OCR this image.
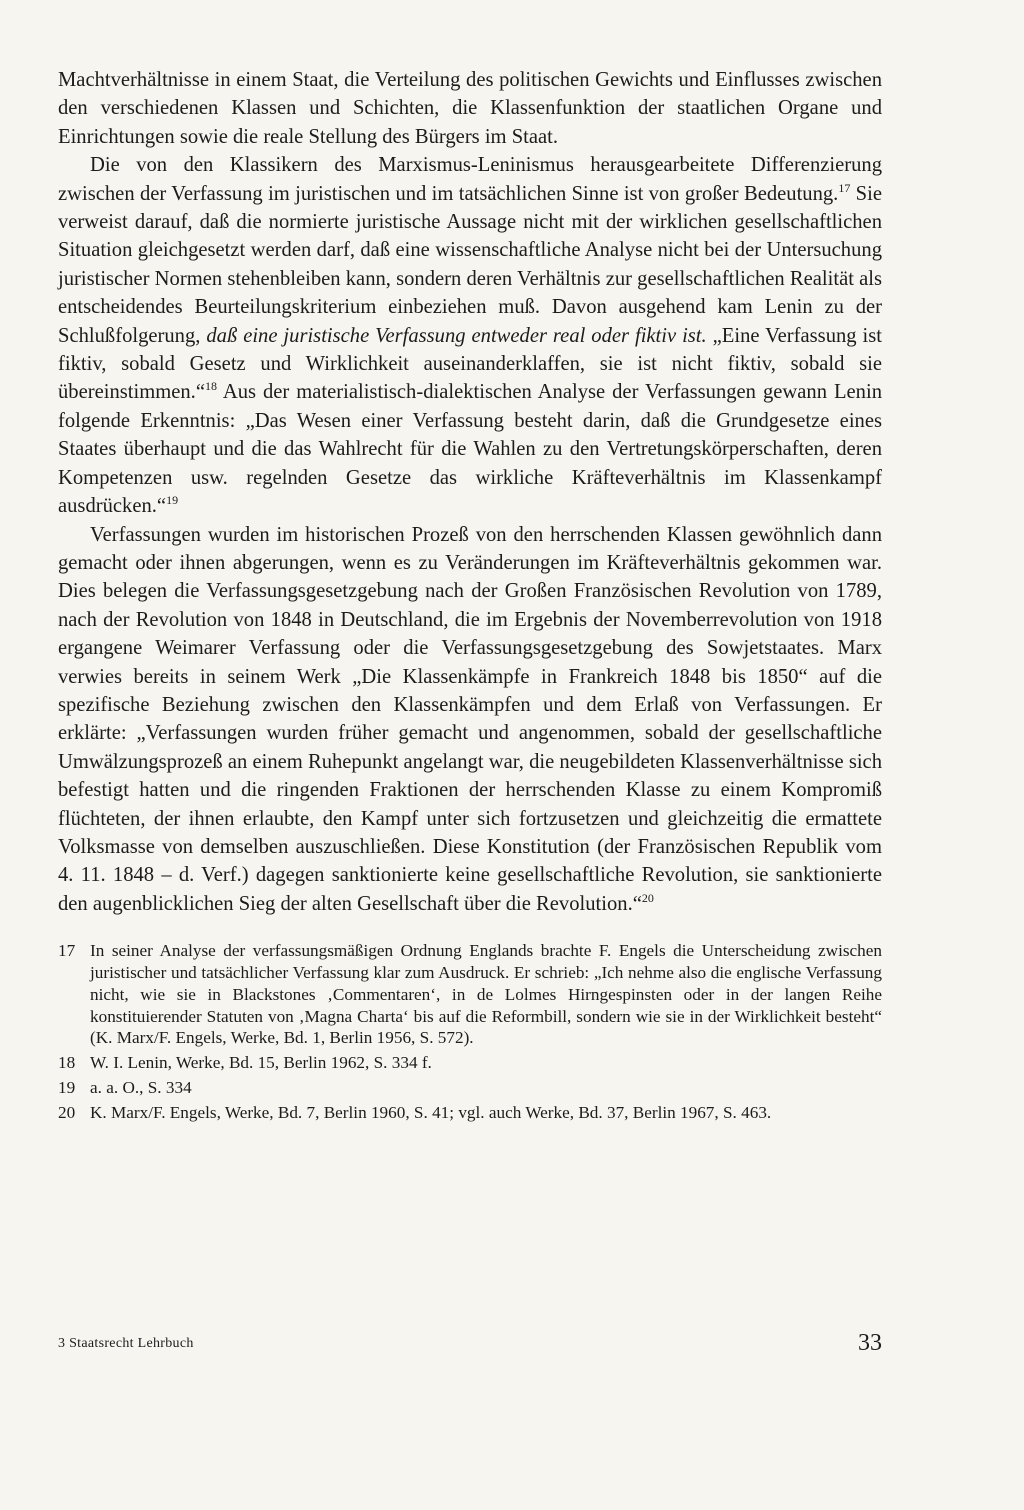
Machtverhältnisse in einem Staat, die Verteilung des politischen Gewichts und Einflusses zwischen den verschiedenen Klassen und Schichten, die Klassenfunktion der staatlichen Organe und Einrichtungen sowie die reale Stellung des Bürgers im Staat.

Die von den Klassikern des Marxismus-Leninismus herausgearbeitete Differenzierung zwischen der Verfassung im juristischen und im tatsächlichen Sinne ist von großer Bedeutung.$^{17}$ Sie verweist darauf, daß die normierte juristische Aussage nicht mit der wirklichen gesellschaftlichen Situation gleichgesetzt werden darf, daß eine wissenschaftliche Analyse nicht bei der Untersuchung juristischer Normen stehenbleiben kann, sondern deren Verhältnis zur gesellschaftlichen Realität als entscheidendes Beurteilungskriterium einbeziehen muß. Davon ausgehend kam Lenin zu der Schlußfolgerung, daß eine juristische Verfassung entweder real oder fiktiv ist. „Eine Verfassung ist fiktiv, sobald Gesetz und Wirklichkeit auseinanderklaffen, sie ist nicht fiktiv, sobald sie übereinstimmen.“$^{18}$ Aus der materialistisch-dialektischen Analyse der Verfassungen gewann Lenin folgende Erkenntnis: „Das Wesen einer Verfassung besteht darin, daß die Grundgesetze eines Staates überhaupt und die das Wahlrecht für die Wahlen zu den Vertretungskörperschaften, deren Kompetenzen usw. regelnden Gesetze das wirkliche Kräfteverhältnis im Klassenkampf ausdrücken.“$^{19}$

Verfassungen wurden im historischen Prozeß von den herrschenden Klassen gewöhnlich dann gemacht oder ihnen abgerungen, wenn es zu Veränderungen im Kräfteverhältnis gekommen war. Dies belegen die Verfassungsgesetzgebung nach der Großen Französischen Revolution von 1789, nach der Revolution von 1848 in Deutschland, die im Ergebnis der Novemberrevolution von 1918 ergangene Weimarer Verfassung oder die Verfassungsgesetzgebung des Sowjetstaates. Marx verwies bereits in seinem Werk „Die Klassenkämpfe in Frankreich 1848 bis 1850“ auf die spezifische Beziehung zwischen den Klassenkämpfen und dem Erlaß von Verfassungen. Er erklärte: „Verfassungen wurden früher gemacht und angenommen, sobald der gesellschaftliche Umwälzungsprozeß an einem Ruhepunkt angelangt war, die neugebildeten Klassenverhältnisse sich befestigt hatten und die ringenden Fraktionen der herrschenden Klasse zu einem Kompromiß flüchteten, der ihnen erlaubte, den Kampf unter sich fortzusetzen und gleichzeitig die ermattete Volksmasse von demselben auszuschließen. Diese Konstitution (der Französischen Republik vom 4. 11. 1848 – d. Verf.) dagegen sanktionierte keine gesellschaftliche Revolution, sie sanktionierte den augenblicklichen Sieg der alten Gesellschaft über die Revolution.“$^{20}$

17 In seiner Analyse der verfassungsmäßigen Ordnung Englands brachte F. Engels die Unterscheidung zwischen juristischer und tatsächlicher Verfassung klar zum Ausdruck. Er schrieb: „Ich nehme also die englische Verfassung nicht, wie sie in Blackstones ‚Commentaren‘, in de Lolmes Hirngespinsten oder in der langen Reihe konstituierender Statuten von ‚Magna Charta‘ bis auf die Reformbill, sondern wie sie in der Wirklichkeit besteht“ (K. Marx/F. Engels, Werke, Bd. 1, Berlin 1956, S. 572).
18 W. I. Lenin, Werke, Bd. 15, Berlin 1962, S. 334 f.
19 a. a. O., S. 334
20 K. Marx/F. Engels, Werke, Bd. 7, Berlin 1960, S. 41; vgl. auch Werke, Bd. 37, Berlin 1967, S. 463.
3 Staatsrecht Lehrbuch	33
